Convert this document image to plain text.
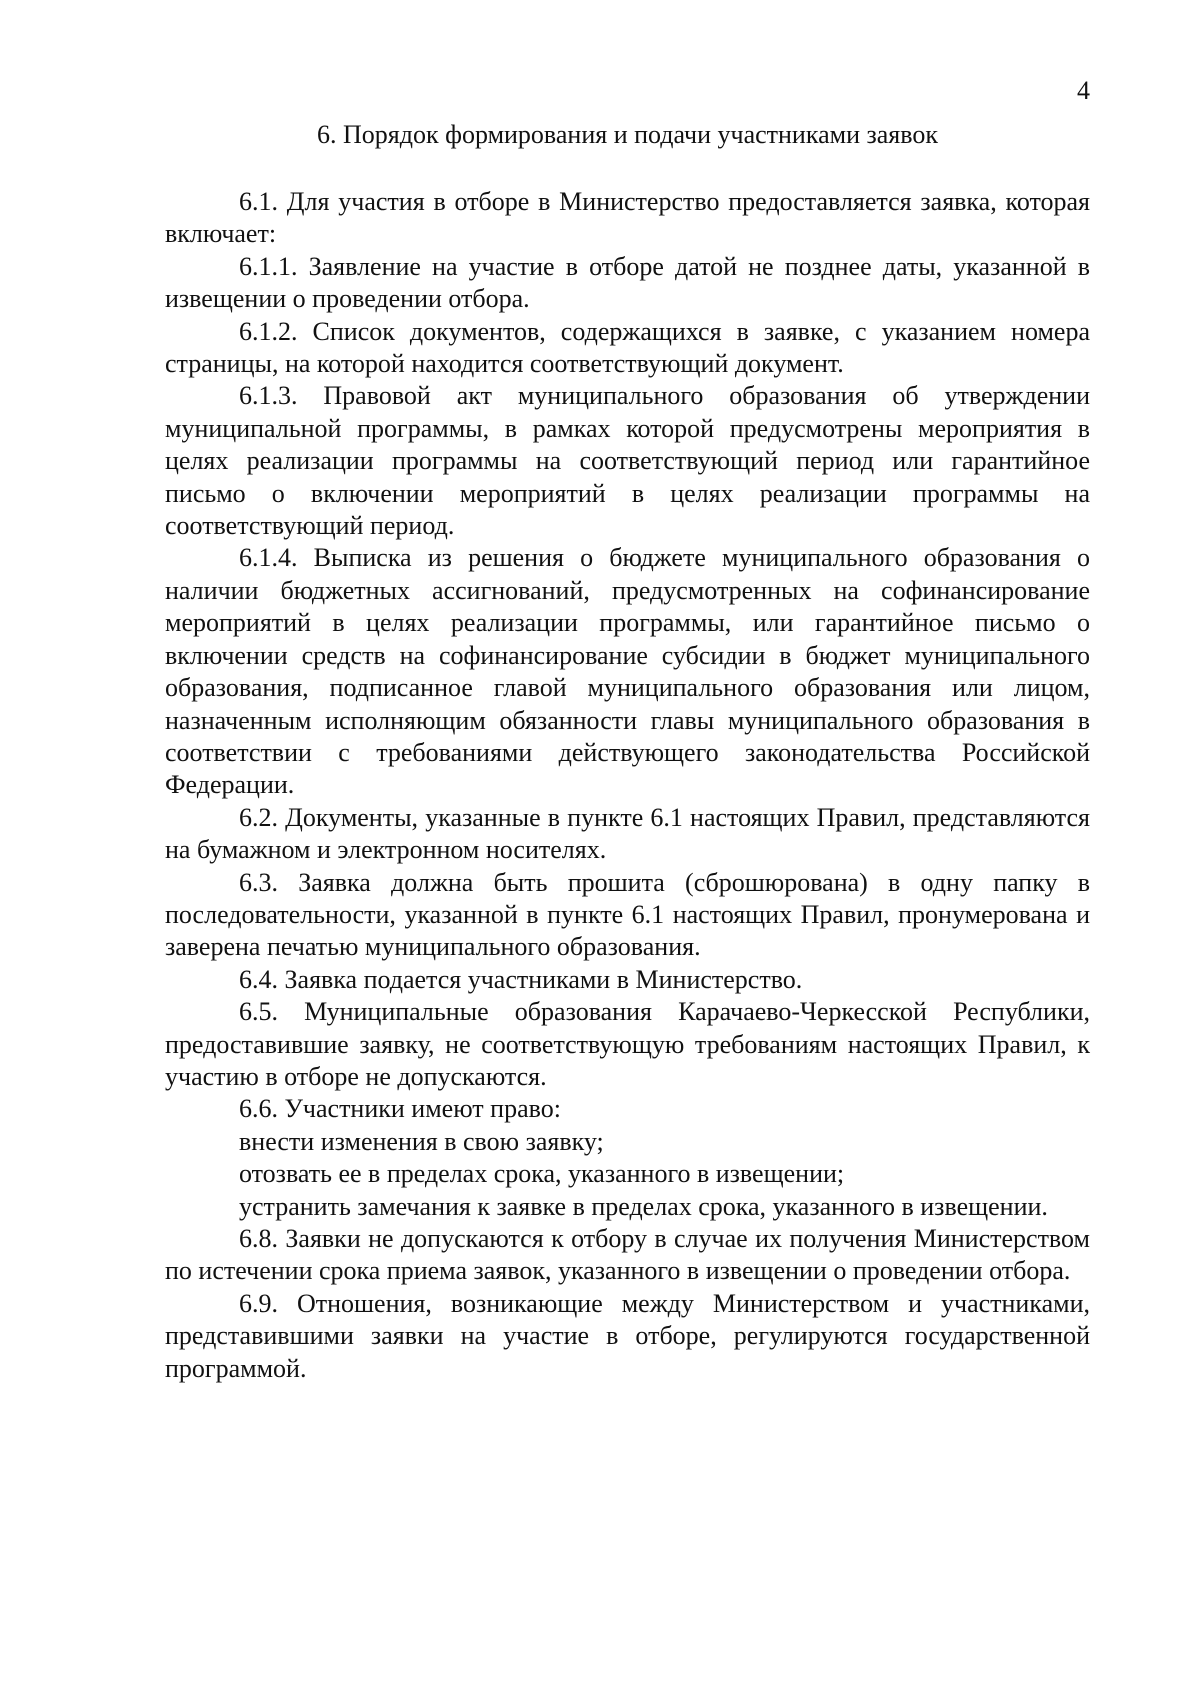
4
6. Порядок формирования и подачи участниками заявок

6.1. Для участия в отборе в Министерство предоставляется заявка, которая включает:

6.1.1. Заявление на участие в отборе датой не позднее даты, указанной в извещении о проведении отбора.

6.1.2. Список документов, содержащихся в заявке, с указанием номера страницы, на которой находится соответствующий документ.

6.1.3. Правовой акт муниципального образования об утверждении муниципальной программы, в рамках которой предусмотрены мероприятия в целях реализации программы на соответствующий период или гарантийное письмо о включении мероприятий в целях реализации программы на соответствующий период.

6.1.4. Выписка из решения о бюджете муниципального образования о наличии бюджетных ассигнований, предусмотренных на софинансирование мероприятий в целях реализации программы, или гарантийное письмо о включении средств на софинансирование субсидии в бюджет муниципального образования, подписанное главой муниципального образования или лицом, назначенным исполняющим обязанности главы муниципального образования в соответствии с требованиями действующего законодательства Российской Федерации.

6.2. Документы, указанные в пункте 6.1 настоящих Правил, представляются на бумажном и электронном носителях.

6.3. Заявка должна быть прошита (сброшюрована) в одну папку в последовательности, указанной в пункте 6.1 настоящих Правил, пронумерована и заверена печатью муниципального образования.

6.4. Заявка подается участниками в Министерство.

6.5. Муниципальные образования Карачаево-Черкесской Республики, предоставившие заявку, не соответствующую требованиям настоящих Правил, к участию в отборе не допускаются.

6.6. Участники имеют право:

внести изменения в свою заявку;

отозвать ее в пределах срока, указанного в извещении;

устранить замечания к заявке в пределах срока, указанного в извещении.

6.8. Заявки не допускаются к отбору в случае их получения Министерством по истечении срока приема заявок, указанного в извещении о проведении отбора.

6.9. Отношения, возникающие между Министерством и участниками, представившими заявки на участие в отборе, регулируются государственной программой.
